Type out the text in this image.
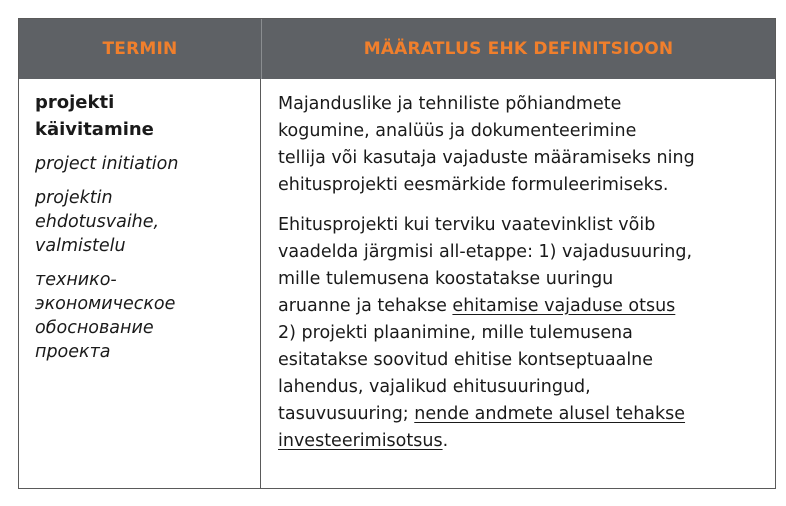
TERMIN	MÄÄRATLUS EHK DEFINITSIOON
projekti
käivitamine
project initiation
projektin
ehdotusvaihe,
valmistelu
технико-
экономическое
обоснование
проекта
Majanduslike ja tehniliste põhiandmete
kogumine, analüüs ja dokumenteerimine
tellija või kasutaja vajaduste määramiseks ning
ehitusprojekti eesmärkide formuleerimiseks.
Ehitusprojekti kui terviku vaatevinklist võib
vaadelda järgmisi all-etappe: 1) vajadusuuring,
mille tulemusena koostatakse uuringu
aruanne ja tehakse ehitamise vajaduse otsus
2) projekti plaanimine, mille tulemusena
esitatakse soovitud ehitise kontseptuaalne
lahendus, vajalikud ehitusuuringud,
tasuvusuuring; nende andmete alusel tehakse
investeerimisotsus.
